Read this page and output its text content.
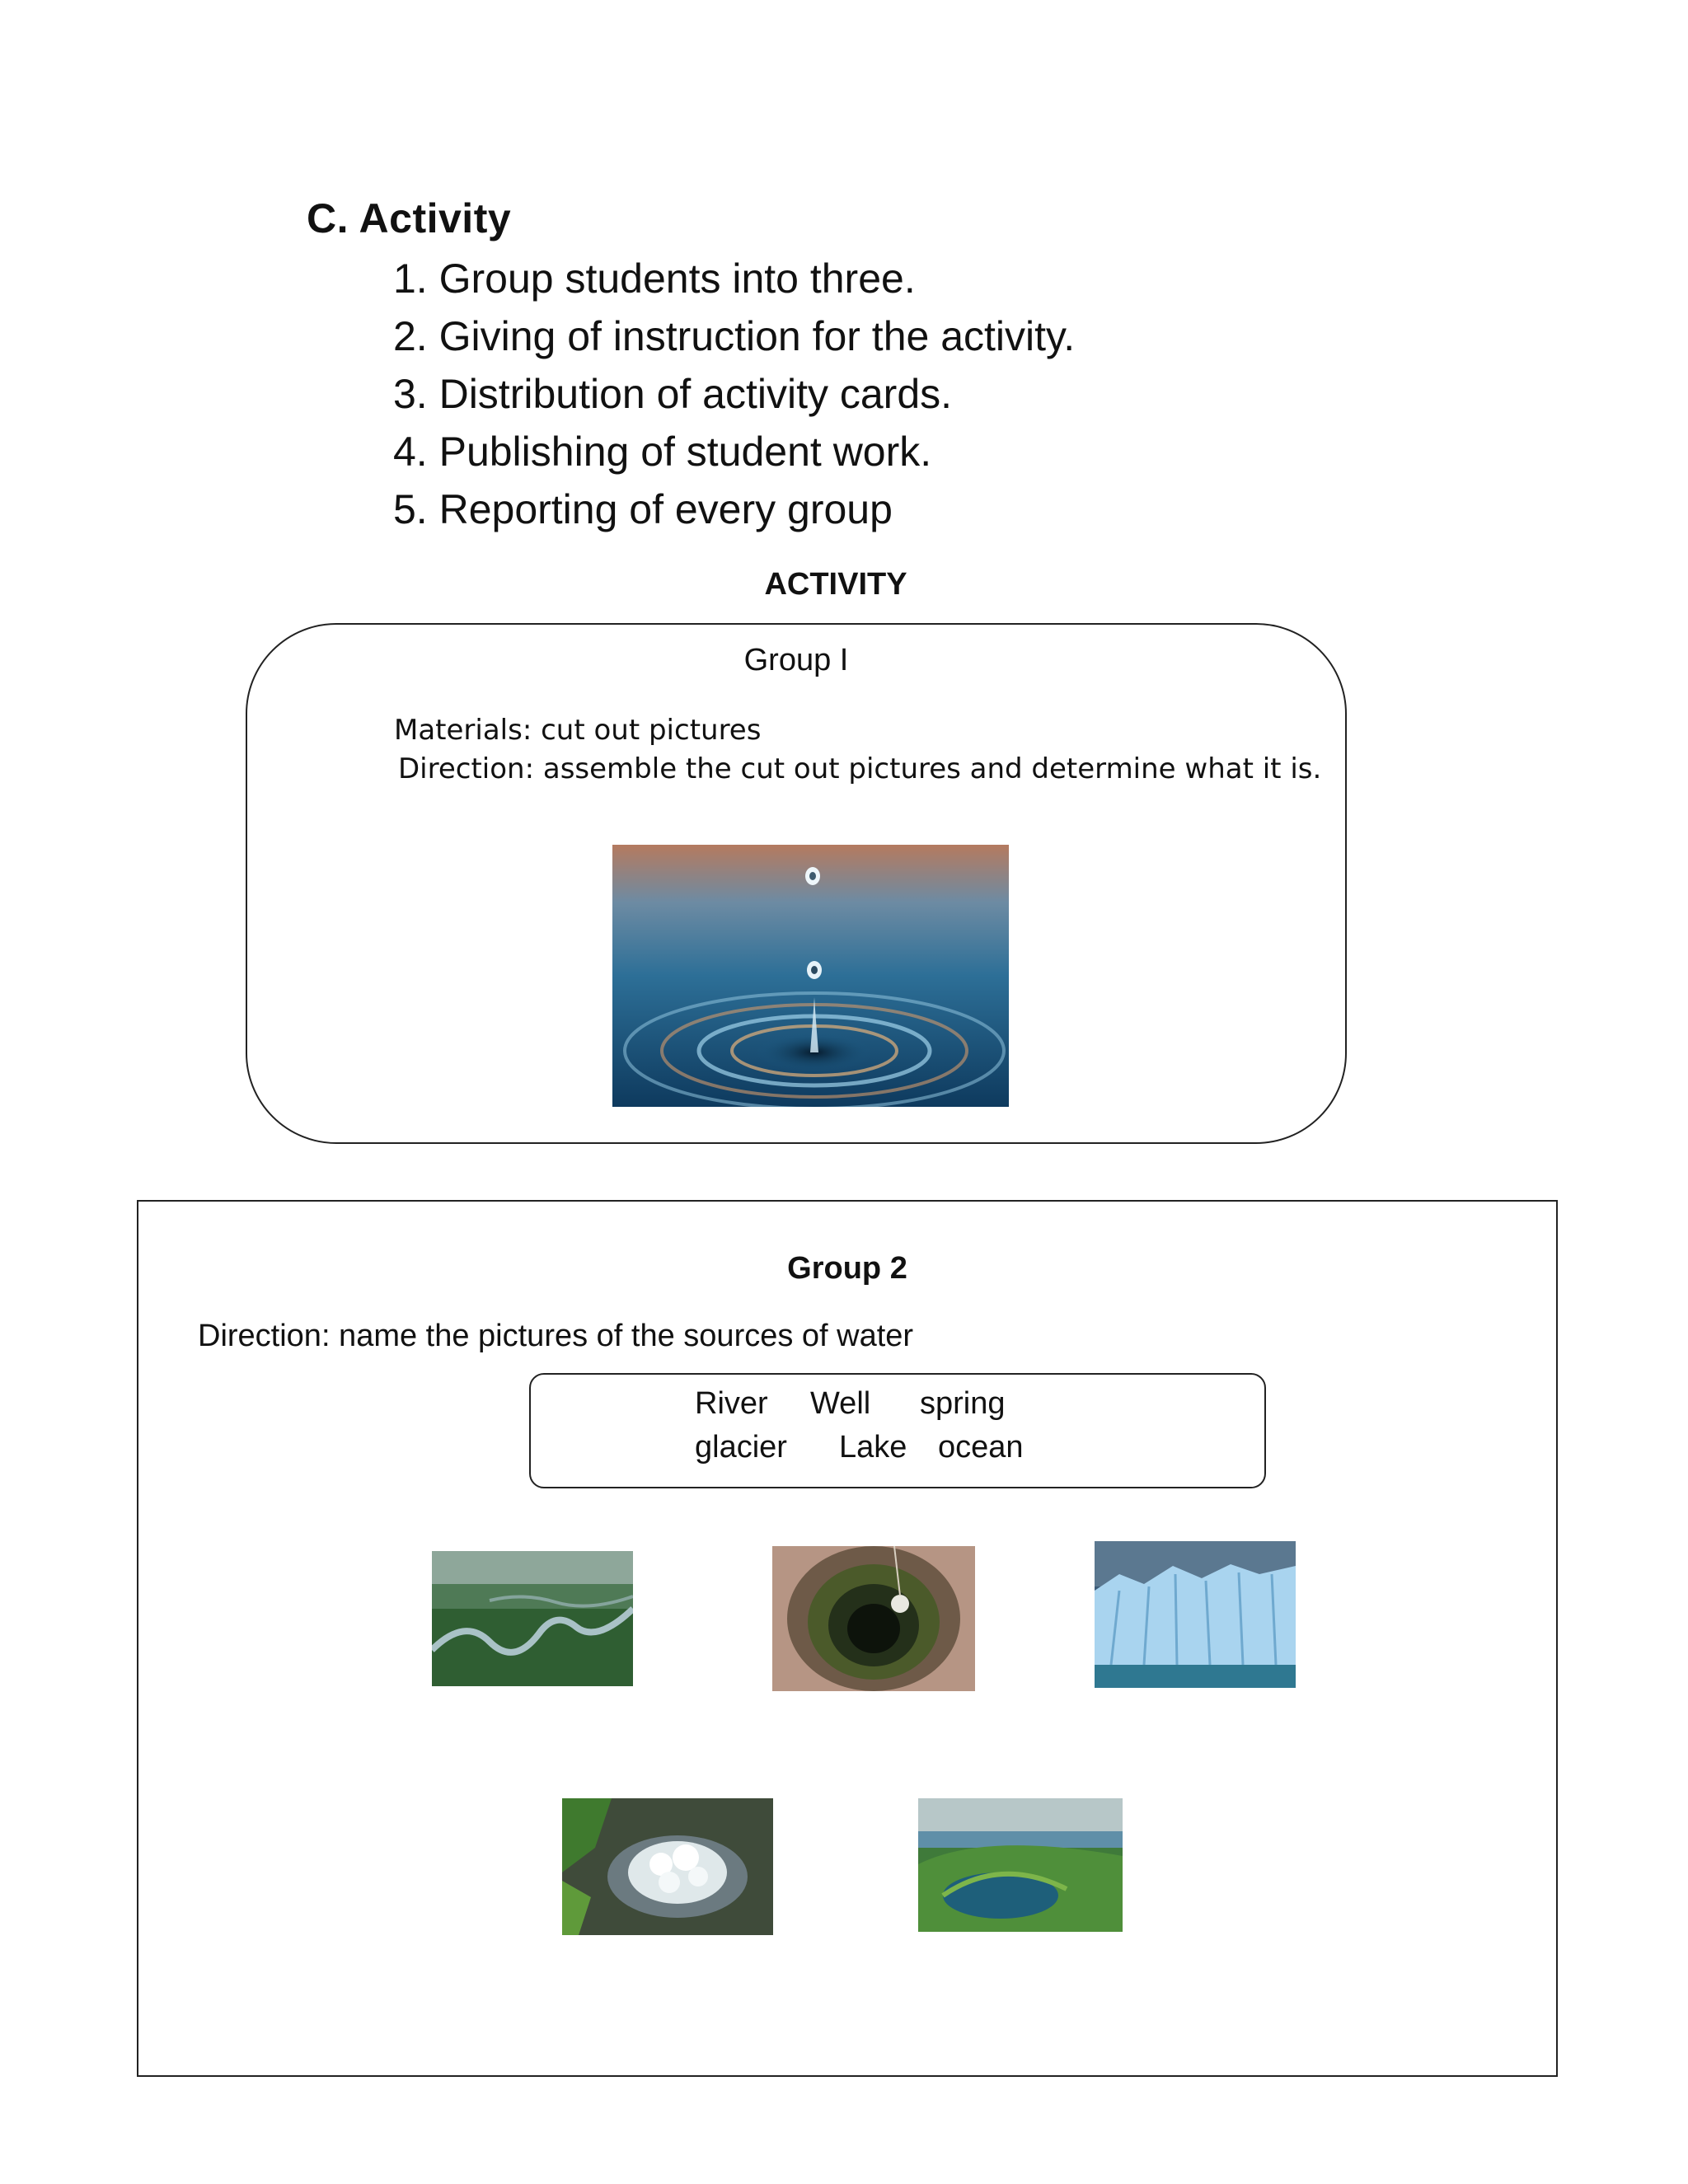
C. Activity
1. Group students into three.
2. Giving of instruction for the activity.
3. Distribution of activity cards.
4. Publishing of student work.
5. Reporting of every group
ACTIVITY
Group I
Materials: cut out pictures
Direction: assemble the cut out pictures and determine what it is.
Group 2
Direction: name the pictures of the sources of water
River Well spring
glacier Lake ocean
